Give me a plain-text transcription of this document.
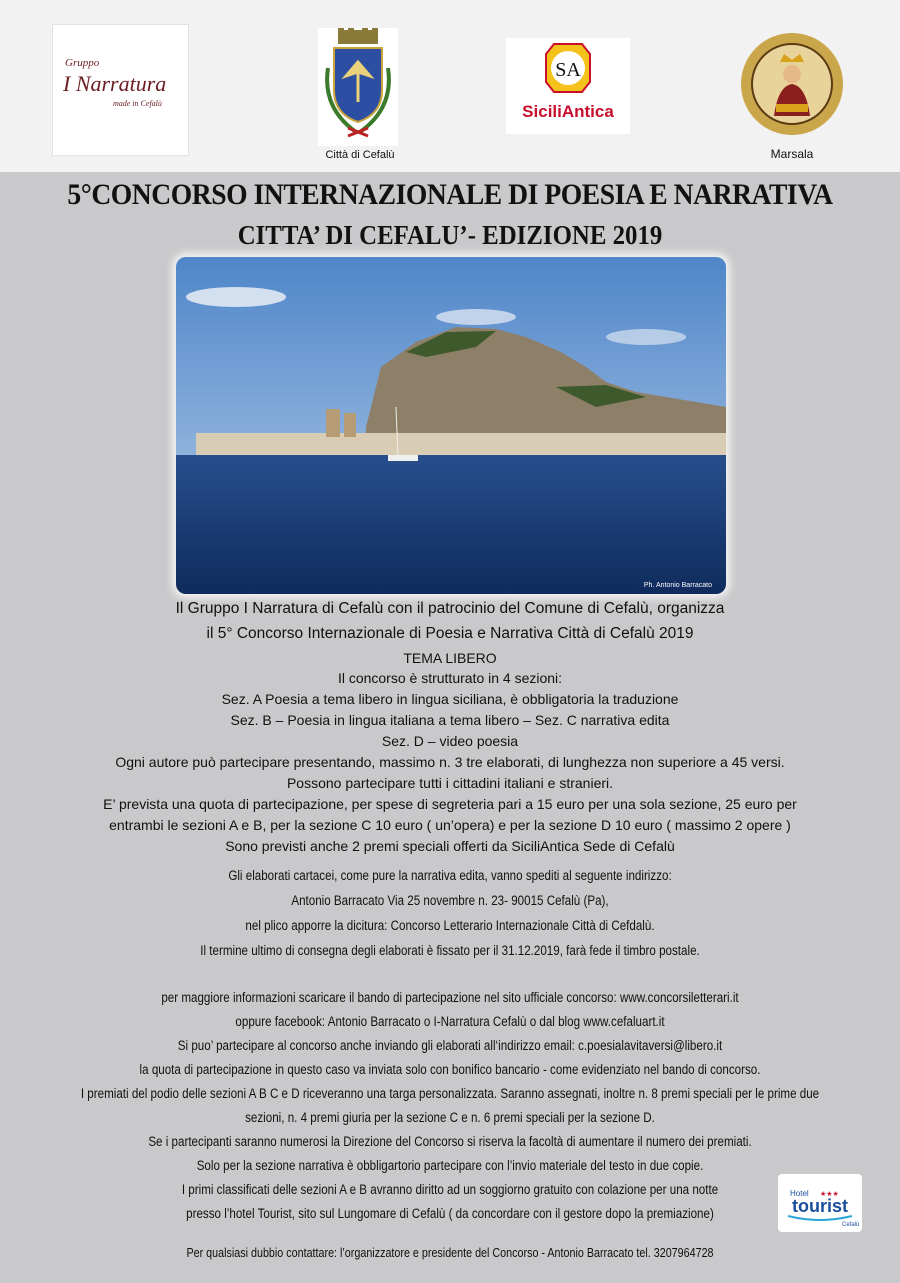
Gruppo
I Narratura
made in Cefalù
Città di Cefalù
SA
SiciliAntica
Marsala
5°CONCORSO INTERNAZIONALE DI POESIA E NARRATIVA
CITTA’ DI CEFALU’- EDIZIONE 2019
Ph. Antonio Barracato
Il Gruppo I Narratura di Cefalù con il patrocinio del Comune di Cefalù, organizza
il 5° Concorso Internazionale di Poesia e Narrativa Città di Cefalù 2019
TEMA LIBERO
Il concorso è strutturato in 4 sezioni:
Sez. A Poesia a tema libero in lingua siciliana, è obbligatoria la traduzione
Sez. B – Poesia in lingua italiana a tema libero – Sez. C narrativa edita
Sez. D – video poesia
Ogni autore può partecipare presentando, massimo n. 3 tre elaborati, di lunghezza non superiore a 45 versi.
Possono partecipare tutti i cittadini italiani e stranieri.
E’ prevista una quota di partecipazione, per spese di segreteria pari a 15 euro per una sola sezione, 25 euro per
entrambi le sezioni A e B, per la sezione C 10 euro ( un’opera) e per la sezione D 10 euro ( massimo 2 opere )
Sono previsti anche 2 premi speciali offerti da SiciliAntica Sede di Cefalù
Gli elaborati cartacei, come pure la narrativa edita, vanno spediti al seguente indirizzo:
Antonio Barracato Via 25 novembre n. 23- 90015 Cefalù (Pa),
nel plico apporre la dicitura: Concorso Letterario Internazionale Città di Cefdalù.
Il termine ultimo di consegna degli elaborati è fissato per il 31.12.2019, farà fede il timbro postale.
per maggiore informazioni scaricare il bando di partecipazione nel sito ufficiale concorso: www.concorsiletterari.it
oppure facebook: Antonio Barracato o I-Narratura Cefalù o dal blog www.cefaluart.it
Si puo’ partecipare al concorso anche inviando gli elaborati all‘indirizzo email: c.poesialavitaversi@libero.it
la quota di partecipazione in questo caso va inviata solo con bonifico bancario - come evidenziato nel bando di concorso.
I premiati del podio delle sezioni A B C e D riceveranno una targa personalizzata. Saranno assegnati, inoltre n. 8 premi speciali per le prime due
sezioni, n. 4 premi giuria per la sezione C e n. 6 premi speciali per la sezione D.
Se i partecipanti saranno numerosi la Direzione del Concorso si riserva la facoltà di aumentare il numero dei premiati.
Solo per la sezione narrativa è obbligartorio partecipare con l’invio materiale del testo in due copie.
I primi classificati delle sezioni A e B avranno diritto ad un soggiorno gratuito con colazione per una notte
presso l’hotel Tourist, sito sul Lungomare di Cefalù ( da concordare con il gestore dopo la premiazione)
Per qualsiasi dubbio contattare: l’organizzatore e presidente del Concorso - Antonio Barracato tel. 3207964728
Hotel ★★★
tourist
Cefalù
